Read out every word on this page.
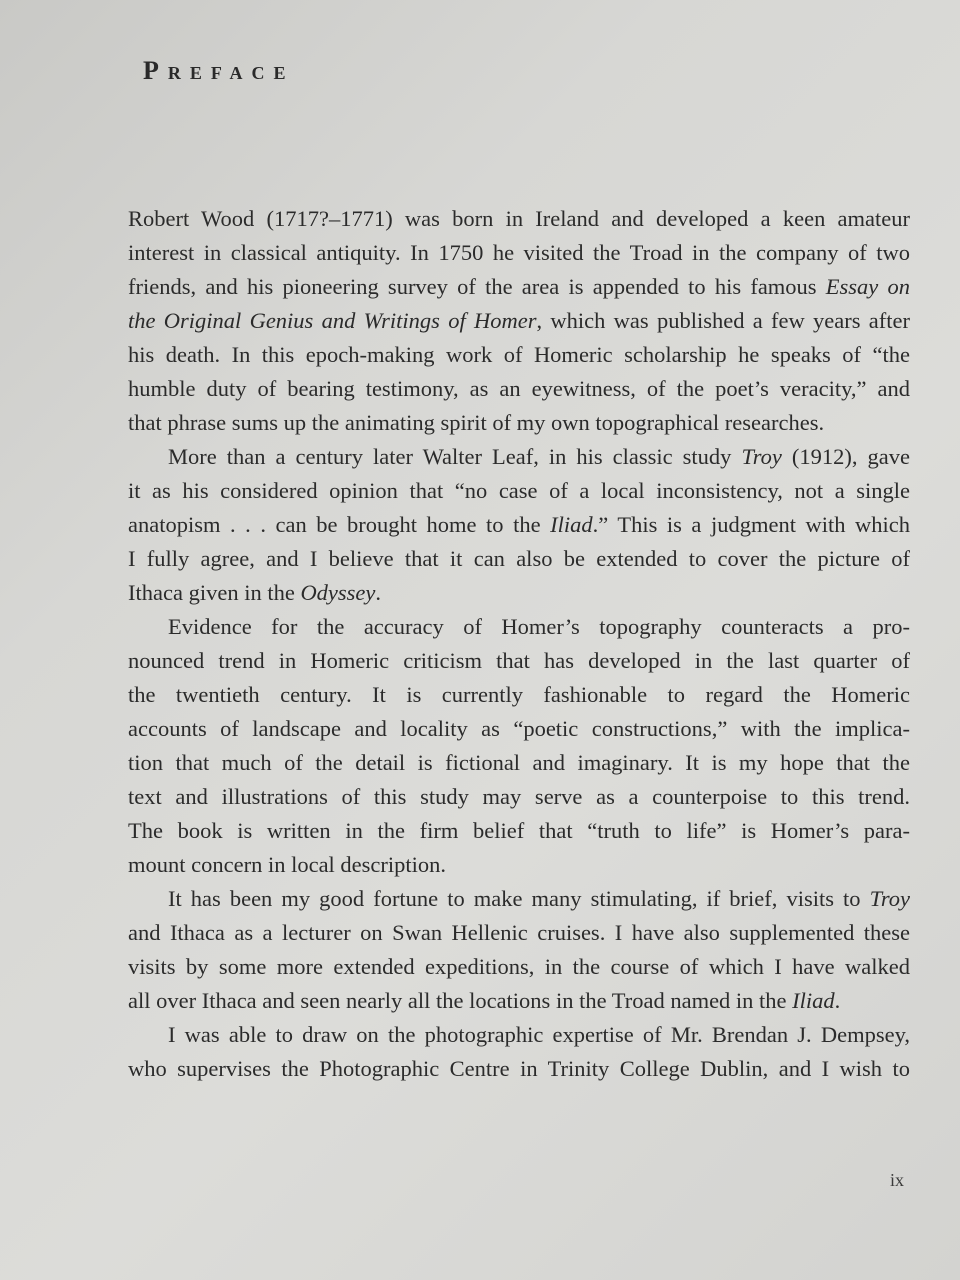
Preface
Robert Wood (1717?–1771) was born in Ireland and developed a keen amateur
interest in classical antiquity. In 1750 he visited the Troad in the company of two
friends, and his pioneering survey of the area is appended to his famous Essay on
the Original Genius and Writings of Homer, which was published a few years after
his death. In this epoch-making work of Homeric scholarship he speaks of “the
humble duty of bearing testimony, as an eyewitness, of the poet’s veracity,” and
that phrase sums up the animating spirit of my own topographical researches.
More than a century later Walter Leaf, in his classic study Troy (1912), gave
it as his considered opinion that “no case of a local inconsistency, not a single
anatopism . . . can be brought home to the Iliad.” This is a judgment with which
I fully agree, and I believe that it can also be extended to cover the picture of
Ithaca given in the Odyssey.
Evidence for the accuracy of Homer’s topography counteracts a pro-
nounced trend in Homeric criticism that has developed in the last quarter of
the twentieth century. It is currently fashionable to regard the Homeric
accounts of landscape and locality as “poetic constructions,” with the implica-
tion that much of the detail is fictional and imaginary. It is my hope that the
text and illustrations of this study may serve as a counterpoise to this trend.
The book is written in the firm belief that “truth to life” is Homer’s para-
mount concern in local description.
It has been my good fortune to make many stimulating, if brief, visits to Troy
and Ithaca as a lecturer on Swan Hellenic cruises. I have also supplemented these
visits by some more extended expeditions, in the course of which I have walked
all over Ithaca and seen nearly all the locations in the Troad named in the Iliad.
I was able to draw on the photographic expertise of Mr. Brendan J. Dempsey,
who supervises the Photographic Centre in Trinity College Dublin, and I wish to
ix
